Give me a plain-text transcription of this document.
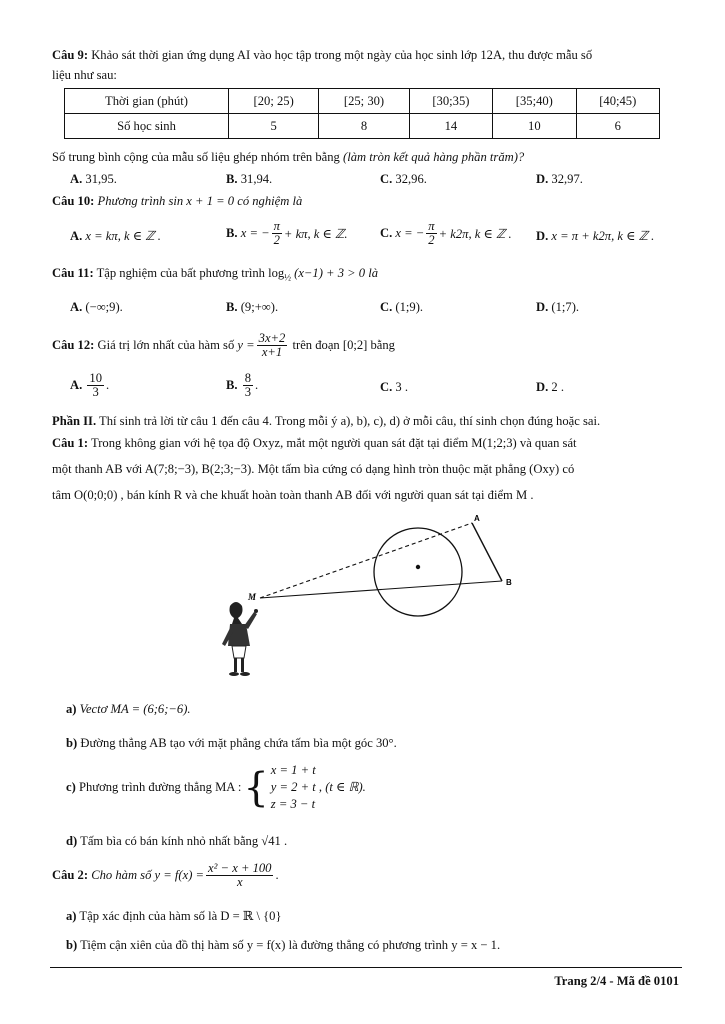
Câu 9: Khảo sát thời gian ứng dụng AI vào học tập trong một ngày của học sinh lớp 12A, thu được mẫu số
liệu như sau:
Thời gian (phút)	[20; 25)	[25; 30)	[30;35)	[35;40)	[40;45)
Số học sinh	5	8	14	10	6
Số trung bình cộng của mẫu số liệu ghép nhóm trên bằng (làm tròn kết quả hàng phần trăm)?
A. 31,95.	B. 31,94.	C. 32,96.	D. 32,97.
Câu 10: Phương trình sin x + 1 = 0 có nghiệm là
A. x = kπ, k ∈ ℤ .	B.
x = − $\frac{\pi}{2} + k\pi$, k ∈ ℤ.	C.
x = − $\frac{\pi}{2} + k2\pi$, k ∈ ℤ . D. x = π + k2π, k ∈ ℤ .
Câu 11: Tập nghiệm của bất phương trình $\log_{\frac{1}{2}} (x-1) + 3 > 0$ là
A. (−∞;9).	B. (9;+∞).	C. (1;9).	D. (1;7).
Câu 12:
Giá trị lớn nhất của hàm số
$y = \frac{3x+2}{x+1}$
trên đoạn [0;2] bằng
A.
$\frac{10}{3}$ .	B.
$\frac{8}{3}$ .	C. 3 .	D. 2 .
Phần II. Thí sinh trả lời từ câu 1 đến câu 4. Trong mỗi ý a), b), c), d) ở mỗi câu, thí sinh chọn đúng hoặc sai.
Câu 1: Trong không gian với hệ tọa độ Oxyz, mắt một người quan sát đặt tại điểm M(1;2;3) và quan sát
một thanh AB với A(7;8;−3), B(2;3;−3). Một tấm bìa cứng có dạng hình tròn thuộc mặt phẳng (Oxy) có
tâm O(0;0;0) , bán kính R và che khuất hoàn toàn thanh AB đối với người quan sát tại điểm M .
A
B
M
a) Vectơ MA = (6;6;−6).
b) Đường thẳng AB tạo với mặt phẳng chứa tấm bìa một góc 30°.
c)
Phương trình đường thẳng MA : { x = 1 + t
y = 2 + t , (t ∈ ℝ).
z = 3 − t
d) Tấm bìa có bán kính nhỏ nhất bằng √41 .
Câu 2:
Cho hàm số $y = f(x) = \frac{\text{x² − x + 100}}{x}$ .
a) Tập xác định của hàm số là D = ℝ \ {0}
b) Tiệm cận xiên của đồ thị hàm số y = f(x) là đường thẳng có phương trình y = x − 1.
Trang 2/4 - Mã đề 0101
